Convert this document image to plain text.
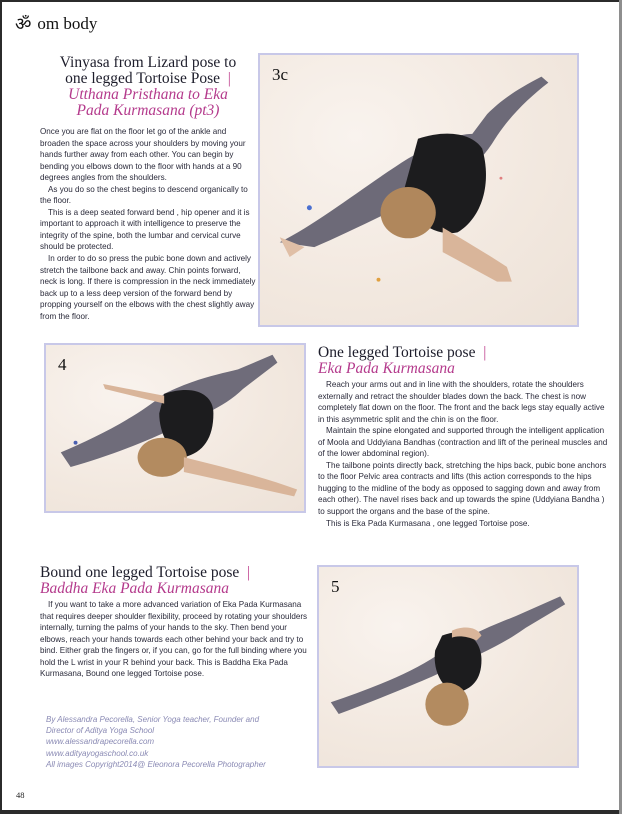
ॐ om body
Vinyasa from Lizard pose to
one legged Tortoise Pose |
Utthana Pristhana to Eka
Pada Kurmasana (pt3)

Once you are flat on the floor let go of the ankle and broaden the space across your shoulders by moving your hands further away from each other. You can begin by bending you elbows down to the floor with hands at a 90 degrees angles from the shoulders.

As you do so the chest begins to descend organically to the floor.

This is a deep seated forward bend , hip opener and it is important to approach it with intelligence to preserve the integrity of the spine, both the lumbar and cervical curve should be protected.

In order to do so press the pubic bone down and actively stretch the tailbone back and away. Chin points forward, neck is long. If there is compression in the neck immediately back up to a less deep version of the forward bend by propping yourself on the elbows with the chest slightly away from the floor.

3c
4
One legged Tortoise pose |
Eka Pada Kurmasana

Reach your arms out and in line with the shoulders, rotate the shoulders externally and retract the shoulder blades down the back. The chest is now completely flat down on the floor. The front and the back legs stay equally active in this asymmetric split and the chin is on the floor.

Maintain the spine elongated and supported through the intelligent application of Moola and Uddyiana Bandhas (contraction and lift of the perineal muscles and of the lower abdominal region).

The tailbone points directly back, stretching the hips back, pubic bone anchors to the floor Pelvic area contracts and lifts (this action corresponds to the hips hugging to the midline of the body as opposed to sagging down and away from each other). The navel rises back and up towards the spine (Uddyiana Bandha ) to support the organs and the base of the spine.

This is Eka Pada Kurmasana , one legged Tortoise pose.

Bound one legged Tortoise pose |
Baddha Eka Pada Kurmasana

If you want to take a more advanced variation of Eka Pada Kurmasana that requires deeper shoulder flexibility, proceed by rotating your shoulders internally, turning the palms of your hands to the sky. Then bend your elbows, reach your hands towards each other behind your back and try to bind. Either grab the fingers or, if you can, go for the full binding where you hold the L wrist in your R behind your back. This is Baddha Eka Pada Kurmasana, Bound one legged Tortoise pose.

5
By Alessandra Pecorella, Senior Yoga teacher, Founder and
Director of Aditya Yoga School
www.alessandrapecorella.com
www.adityayogaschool.co.uk
All images Copyright2014@ Eleonora Pecorella Photographer
48
